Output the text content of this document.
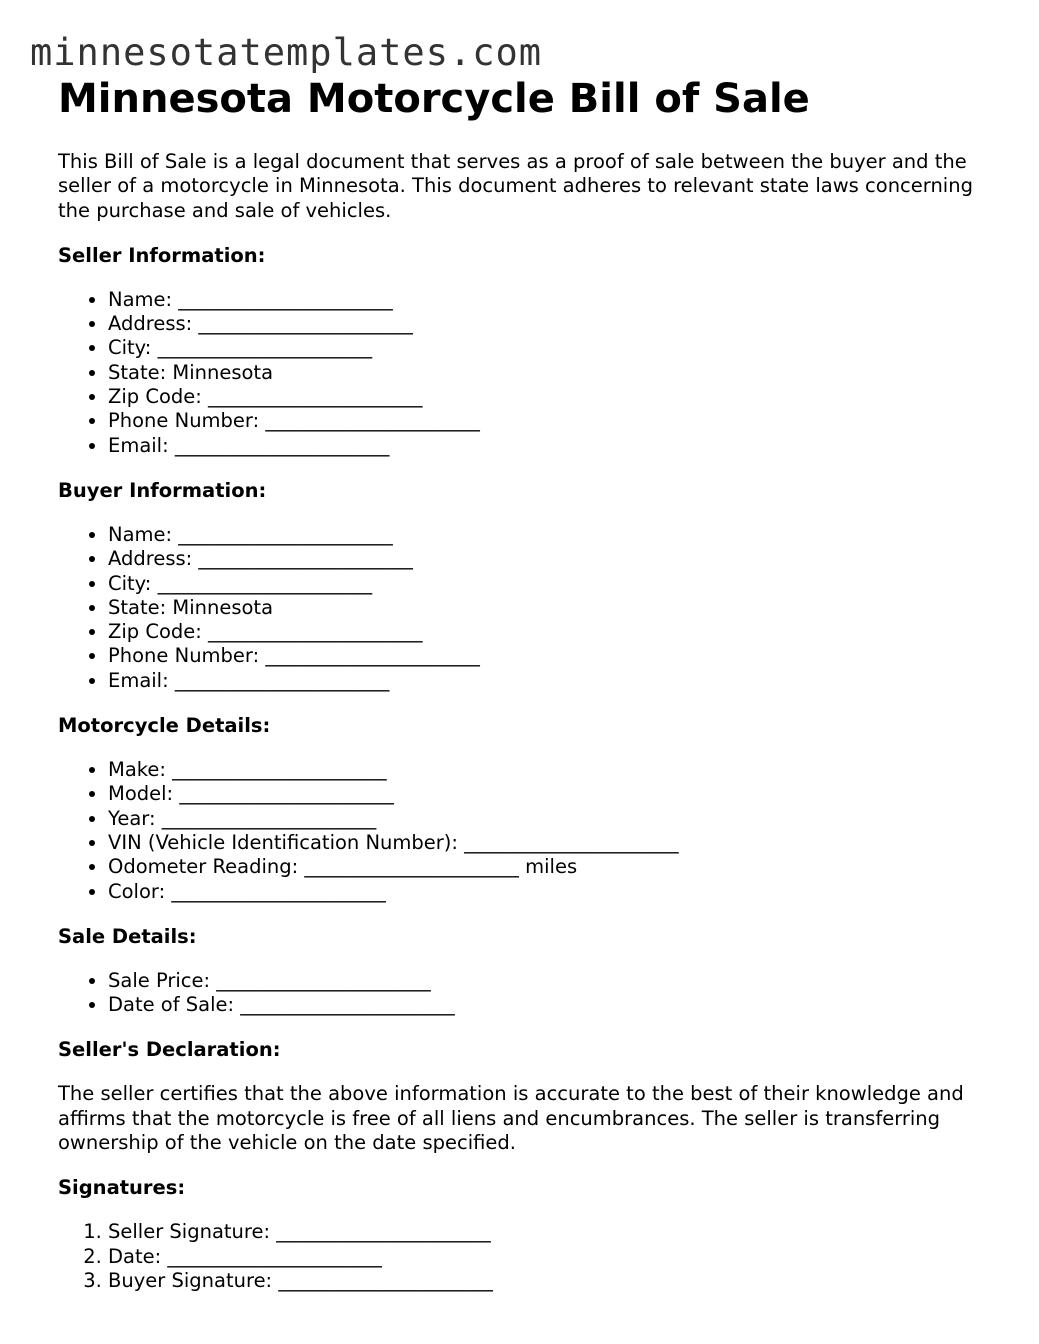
minnesotatemplates.com
Minnesota Motorcycle Bill of Sale

This Bill of Sale is a legal document that serves as a proof of sale between the buyer and the seller of a motorcycle in Minnesota. This document adheres to relevant state laws concerning the purchase and sale of vehicles.

Seller Information:
• Name: ______________________
• Address: ______________________
• City: ______________________
• State: Minnesota
• Zip Code: ______________________
• Phone Number: ______________________
• Email: ______________________
Buyer Information:
• Name: ______________________
• Address: ______________________
• City: ______________________
• State: Minnesota
• Zip Code: ______________________
• Phone Number: ______________________
• Email: ______________________
Motorcycle Details:
• Make: ______________________
• Model: ______________________
• Year: ______________________
• VIN (Vehicle Identification Number): ______________________
• Odometer Reading: ______________________ miles
• Color: ______________________
Sale Details:
• Sale Price: ______________________
• Date of Sale: ______________________
Seller's Declaration:

The seller certifies that the above information is accurate to the best of their knowledge and affirms that the motorcycle is free of all liens and encumbrances. The seller is transferring ownership of the vehicle on the date specified.

Signatures:
1. Seller Signature: ______________________
2. Date: ______________________
3. Buyer Signature: ______________________
